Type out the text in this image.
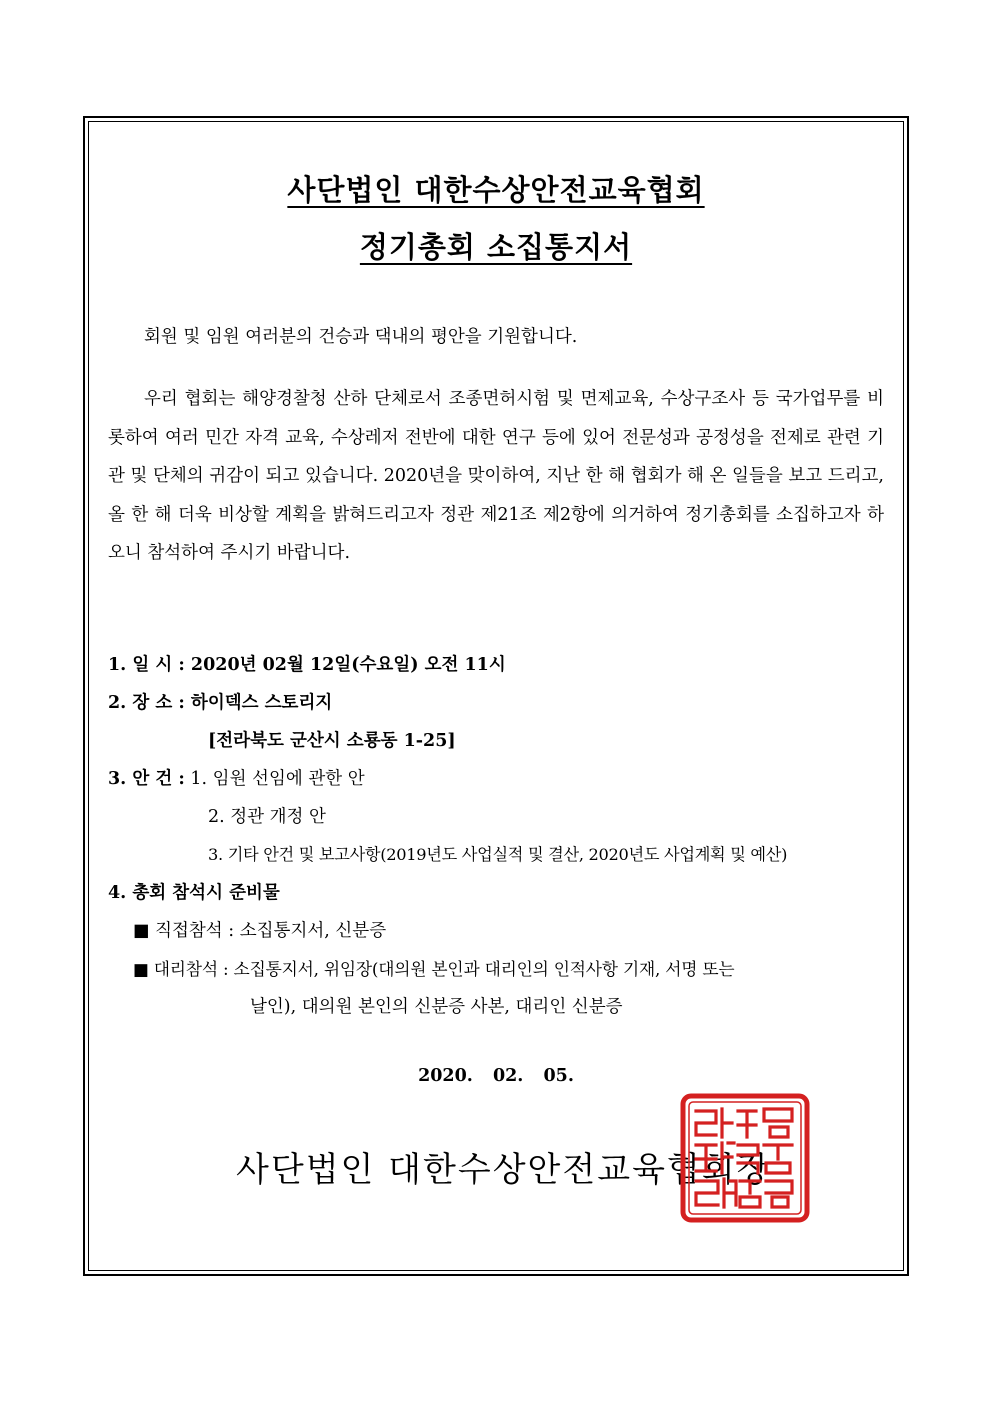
사단법인 대한수상안전교육협회
정기총회 소집통지서
회원 및 임원 여러분의 건승과 댁내의 평안을 기원합니다.
우리 협회는 해양경찰청 산하 단체로서 조종면허시험 및 면제교육, 수상구조사 등 국가업무를 비롯하여 여러 민간 자격 교육, 수상레저 전반에 대한 연구 등에 있어 전문성과 공정성을 전제로 관련 기관 및 단체의 귀감이 되고 있습니다. 2020년을 맞이하여, 지난 한 해 협회가 해 온 일들을 보고 드리고, 올 한 해 더욱 비상할 계획을 밝혀드리고자 정관 제21조 제2항에 의거하여 정기총회를 소집하고자 하오니 참석하여 주시기 바랍니다.
1. 일 시 : 2020년 02월 12일(수요일) 오전 11시
2. 장 소 : 하이덱스 스토리지
[전라북도 군산시 소룡동 1-25]
3. 안 건 : 1. 임원 선임에 관한 안
2. 정관 개정 안
3. 기타 안건 및 보고사항(2019년도 사업실적 및 결산, 2020년도 사업계획 및 예산)
4. 총회 참석시 준비물
■ 직접참석 : 소집통지서, 신분증
■ 대리참석 : 소집통지서, 위임장(대의원 본인과 대리인의 인적사항 기재, 서명 또는
날인), 대의원 본인의 신분증 사본, 대리인 신분증
2020. 02. 05.
사단법인 대한수상안전교육협회장
